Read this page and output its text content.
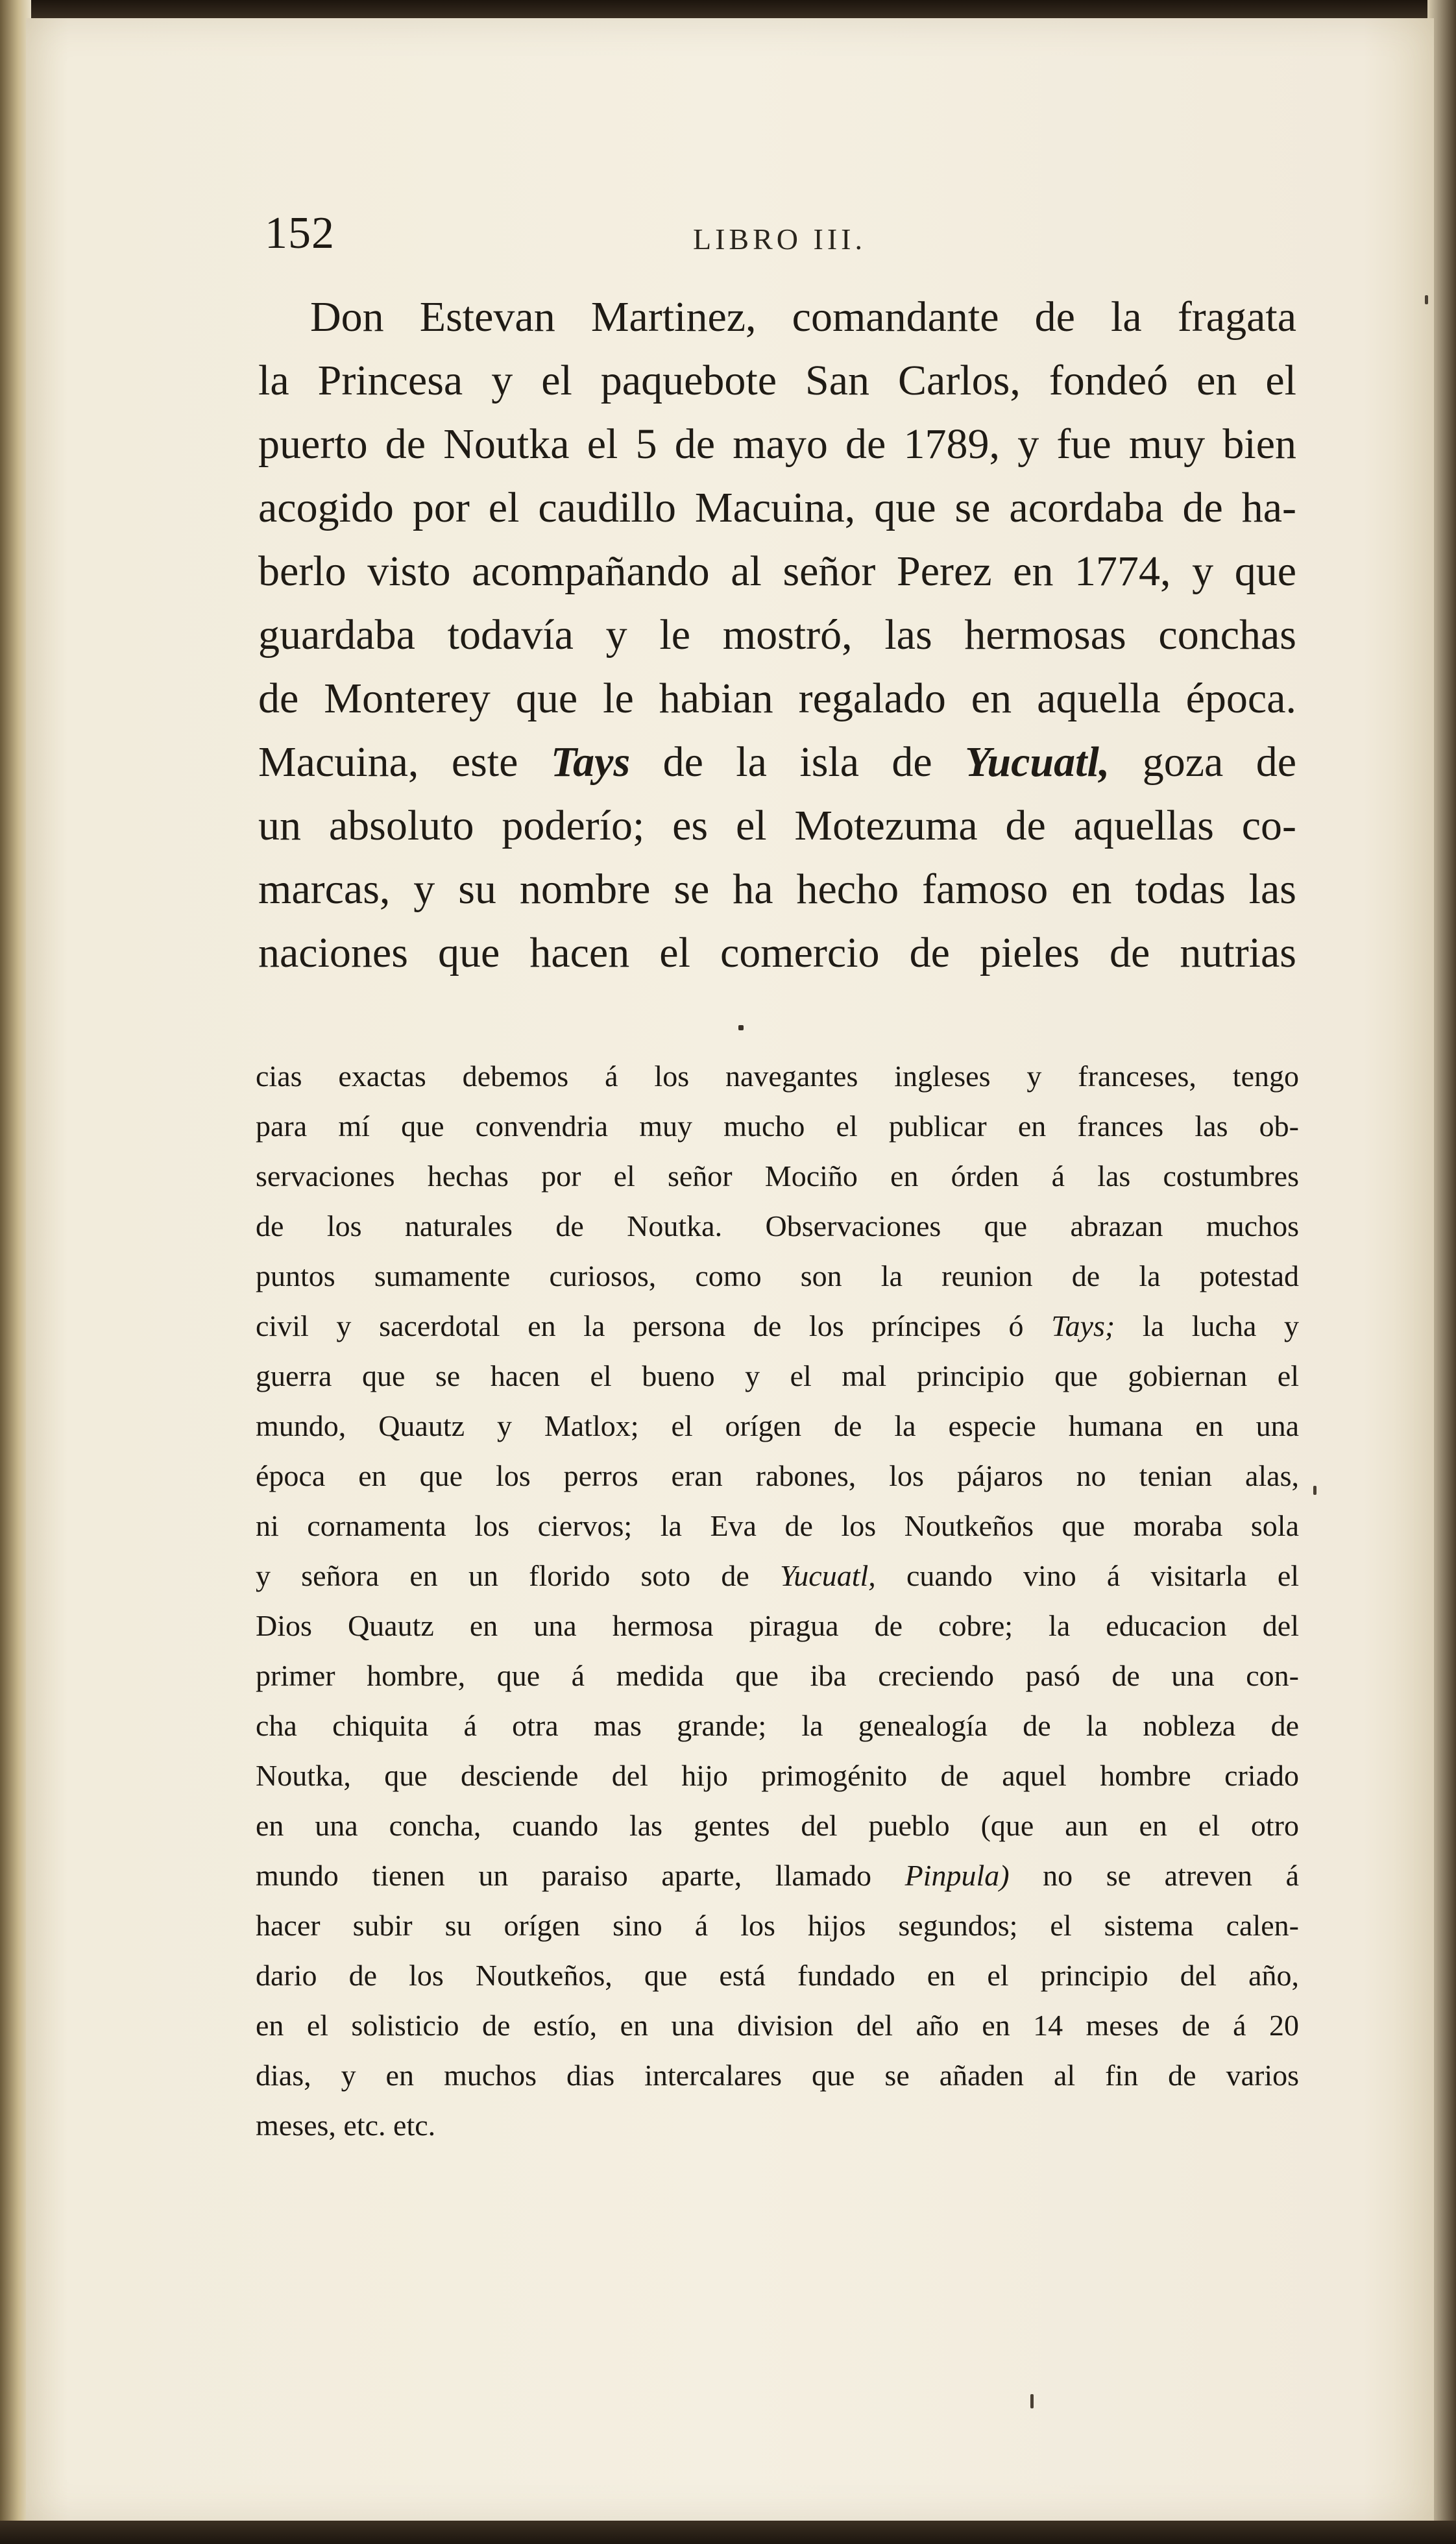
152	LIBRO III.
Don Estevan Martinez, comandante de la fragata
la Princesa y el paquebote San Carlos, fondeó en el
puerto de Noutka el 5 de mayo de 1789, y fue muy bien
acogido por el caudillo Macuina, que se acordaba de ha-
berlo visto acompañando al señor Perez en 1774, y que
guardaba todavía y le mostró, las hermosas conchas
de Monterey que le habian regalado en aquella época.
Macuina, este Tays de la isla de Yucuatl, goza de
un absoluto poderío; es el Motezuma de aquellas co-
marcas, y su nombre se ha hecho famoso en todas las
naciones que hacen el comercio de pieles de nutrias
cias exactas debemos á los navegantes ingleses y franceses, tengo
para mí que convendria muy mucho el publicar en frances las ob-
servaciones hechas por el señor Mociño en órden á las costumbres
de los naturales de Noutka. Observaciones que abrazan muchos
puntos sumamente curiosos, como son la reunion de la potestad
civil y sacerdotal en la persona de los príncipes ó Tays; la lucha y
guerra que se hacen el bueno y el mal principio que gobiernan el
mundo, Quautz y Matlox; el orígen de la especie humana en una
época en que los perros eran rabones, los pájaros no tenian alas,
ni cornamenta los ciervos; la Eva de los Noutkeños que moraba sola
y señora en un florido soto de Yucuatl, cuando vino á visitarla el
Dios Quautz en una hermosa piragua de cobre; la educacion del
primer hombre, que á medida que iba creciendo pasó de una con-
cha chiquita á otra mas grande; la genealogía de la nobleza de
Noutka, que desciende del hijo primogénito de aquel hombre criado
en una concha, cuando las gentes del pueblo (que aun en el otro
mundo tienen un paraiso aparte, llamado Pinpula) no se atreven á
hacer subir su orígen sino á los hijos segundos; el sistema calen-
dario de los Noutkeños, que está fundado en el principio del año,
en el solisticio de estío, en una division del año en 14 meses de á 20
dias, y en muchos dias intercalares que se añaden al fin de varios
meses, etc. etc.
